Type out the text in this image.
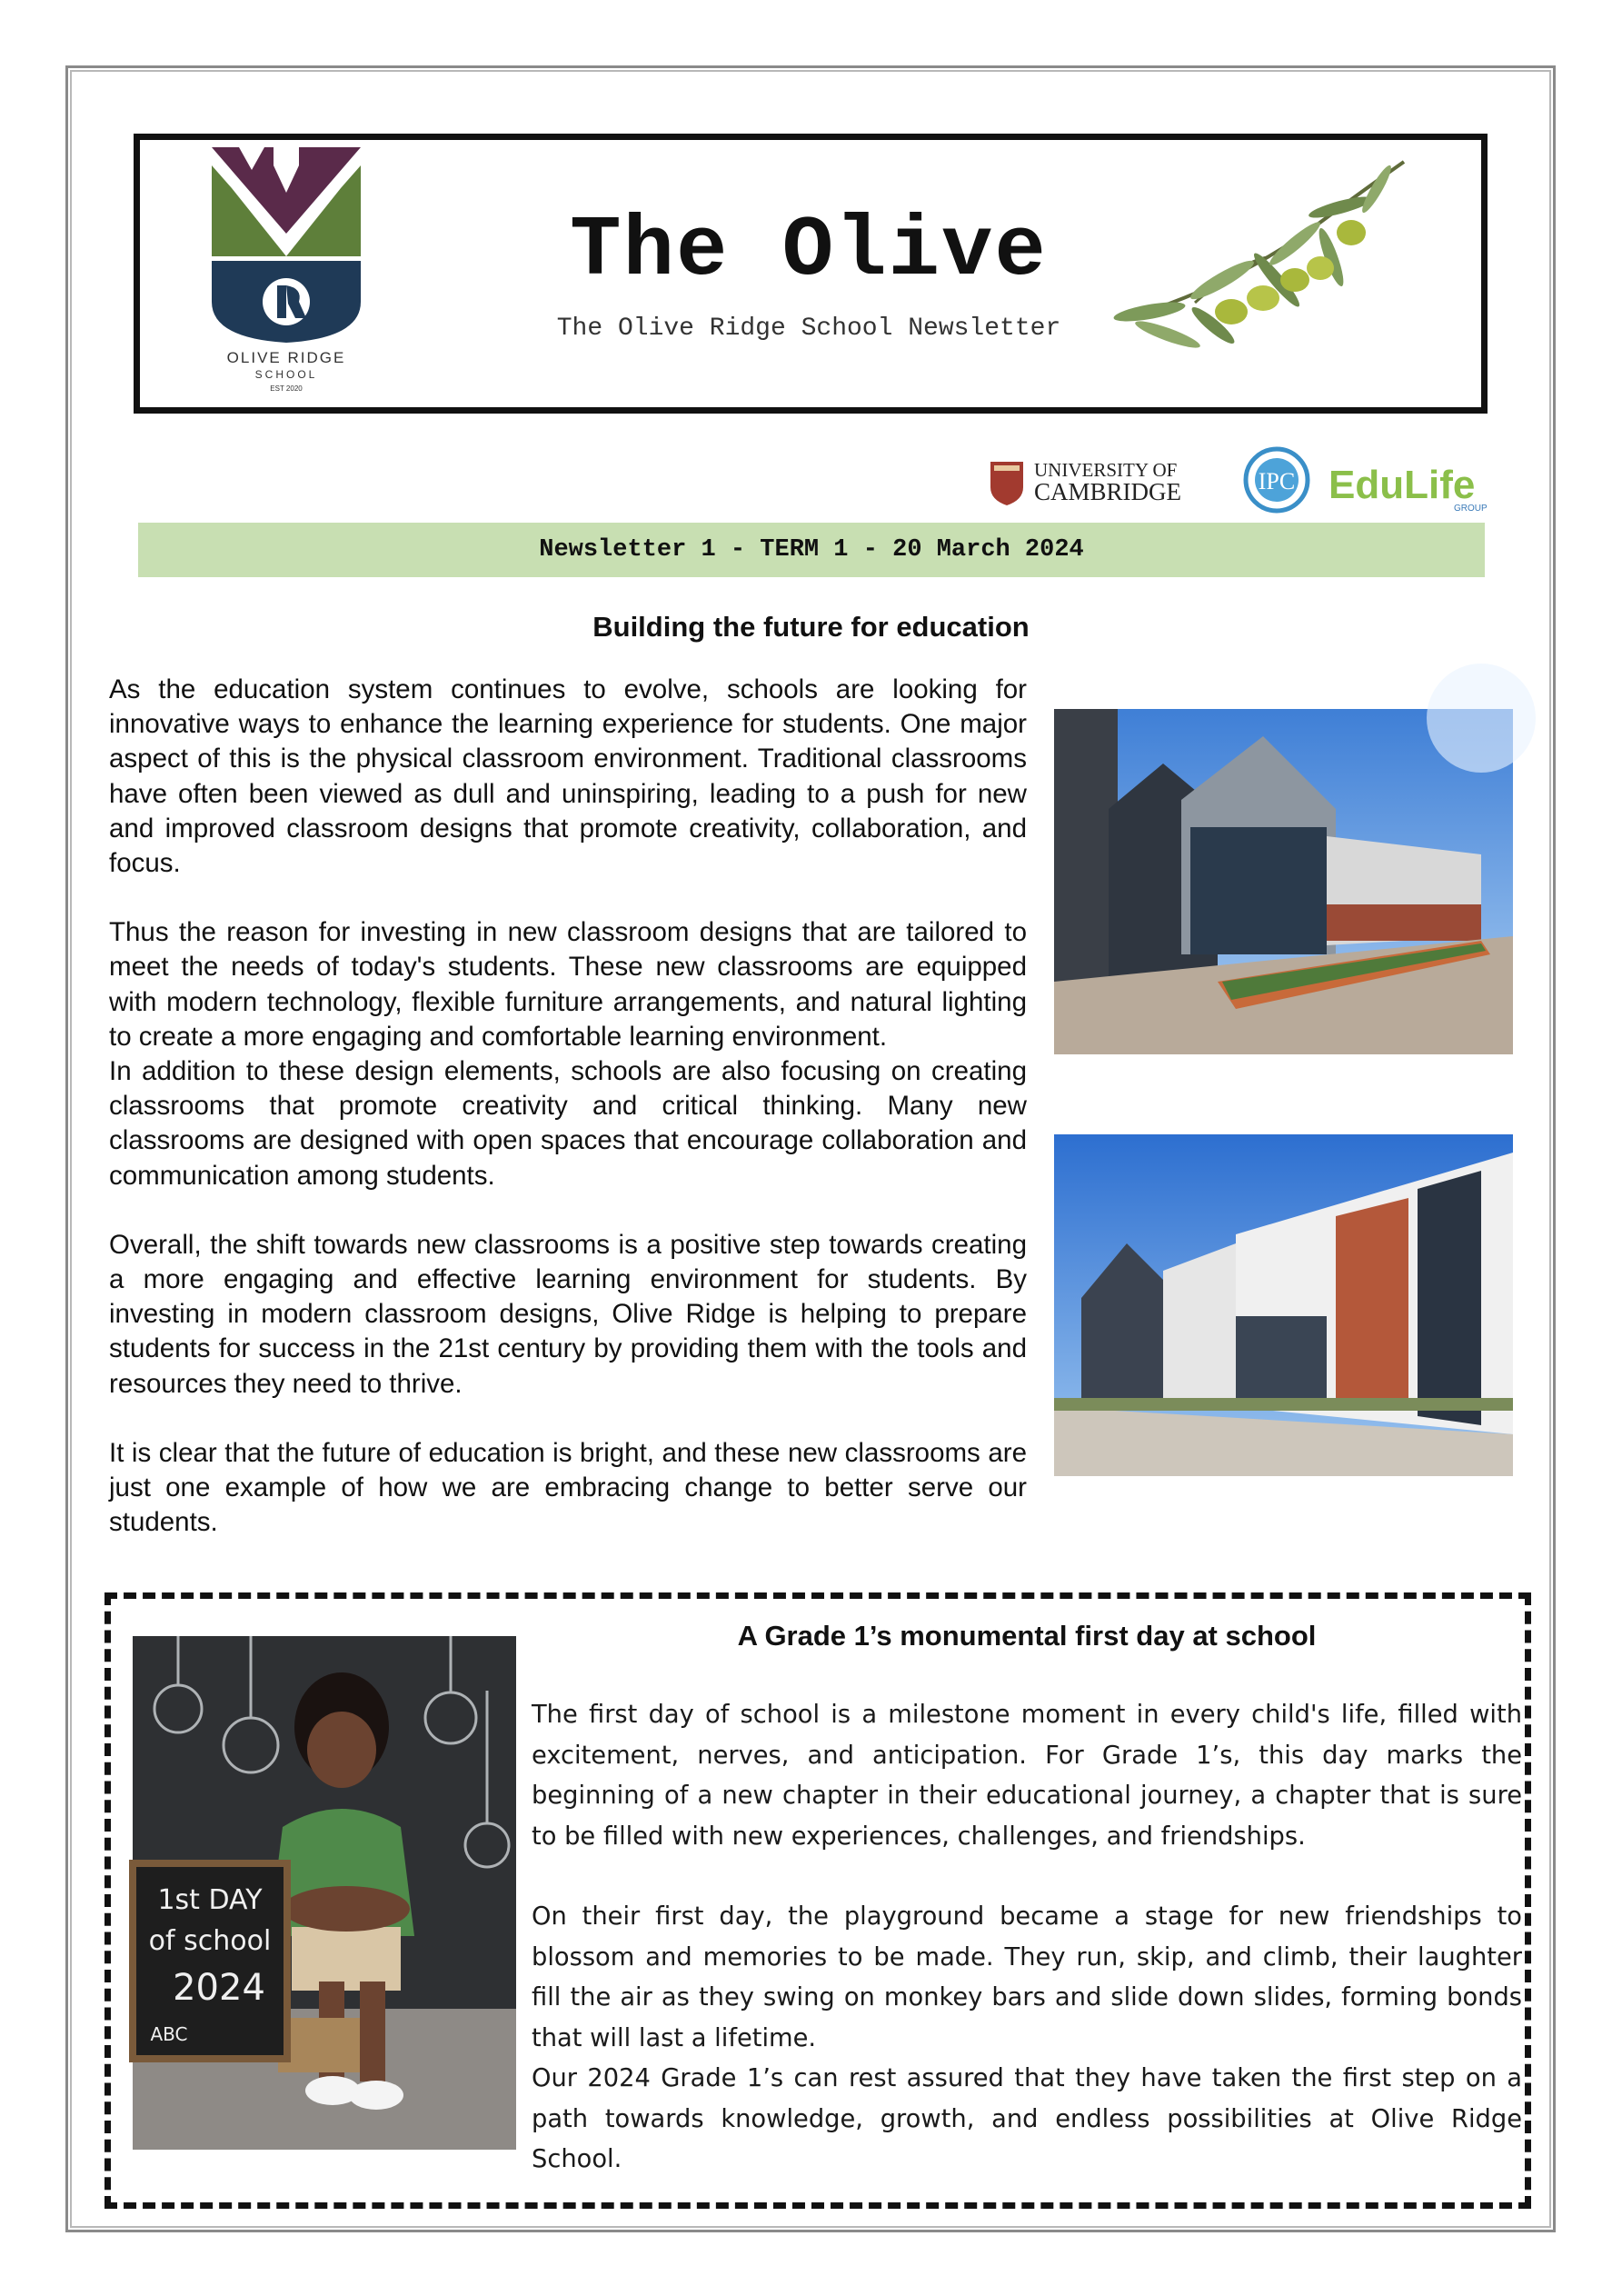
OLIVE RIDGE
SCHOOL
EST 2020
The Olive
The Olive Ridge School Newsletter
UNIVERSITY OF
CAMBRIDGE	IPC EduLife
GROUP
Newsletter 1 - TERM 1 - 20 March 2024
Building the future for education

As the education system continues to evolve, schools are looking for innovative ways to enhance the learning experience for students. One major aspect of this is the physical classroom environment. Traditional classrooms have often been viewed as dull and uninspiring, leading to a push for new and improved classroom designs that promote creativity, collaboration, and focus.

Thus the reason for investing in new classroom designs that are tailored to meet the needs of today's students. These new classrooms are equipped with modern technology, flexible furniture arrangements, and natural lighting to create a more engaging and comfortable learning environment.

In addition to these design elements, schools are also focusing on creating classrooms that promote creativity and critical thinking. Many new classrooms are designed with open spaces that encourage collaboration and communication among students.

Overall, the shift towards new classrooms is a positive step towards creating a more engaging and effective learning environment for students. By investing in modern classroom designs, Olive Ridge is helping to prepare students for success in the 21st century by providing them with the tools and resources they need to thrive.

It is clear that the future of education is bright, and these new classrooms are just one example of how we are embracing change to better serve our students.

1st DAY
of school
2024
ABC
A Grade 1’s monumental first day at school

The first day of school is a milestone moment in every child's life, filled with excitement, nerves, and anticipation. For Grade 1’s, this day marks the beginning of a new chapter in their educational journey, a chapter that is sure to be filled with new experiences, challenges, and friendships.

On their first day, the playground became a stage for new friendships to blossom and memories to be made. They run, skip, and climb, their laughter fill the air as they swing on monkey bars and slide down slides, forming bonds that will last a lifetime.

Our 2024 Grade 1’s can rest assured that they have taken the first step on a path towards knowledge, growth, and endless possibilities at Olive Ridge School.
